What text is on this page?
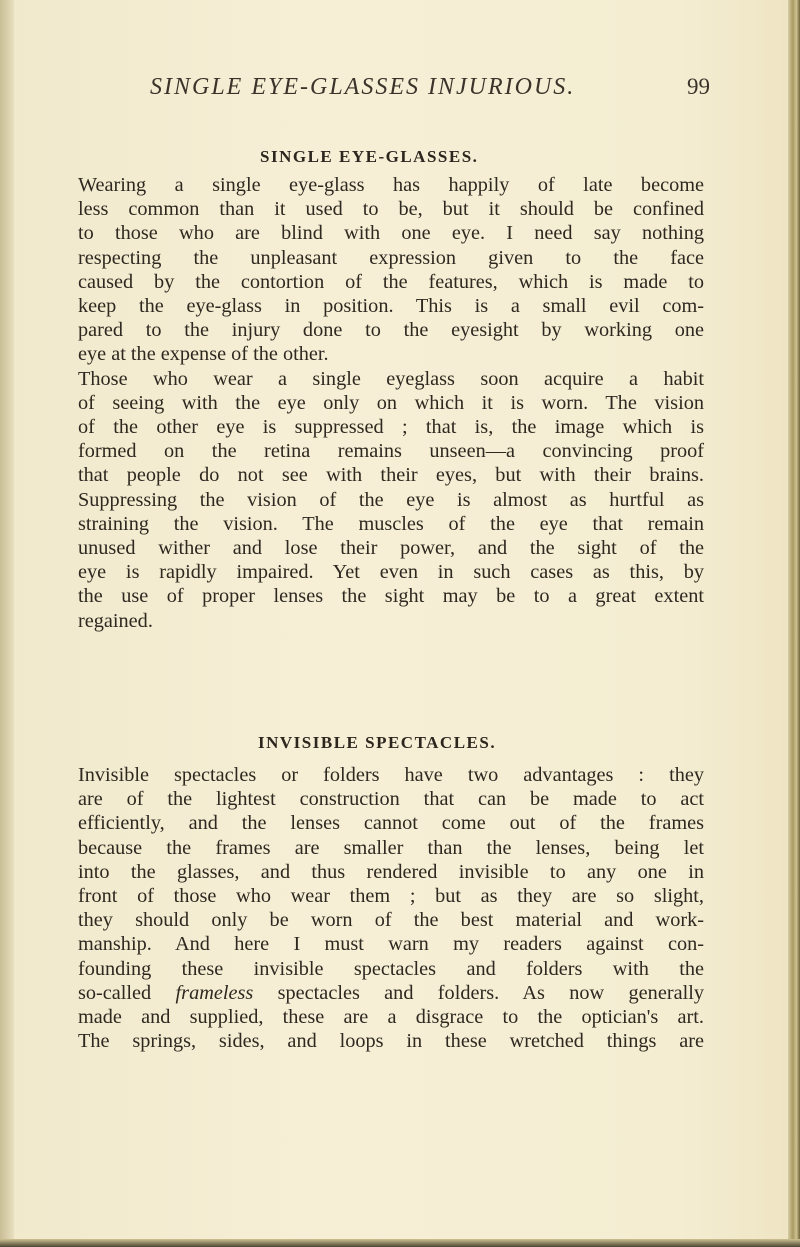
SINGLE EYE-GLASSES INJURIOUS.	99
SINGLE EYE-GLASSES.
Wearing a single eye-glass has happily of late become
less common than it used to be, but it should be confined
to those who are blind with one eye. I need say nothing
respecting the unpleasant expression given to the face
caused by the contortion of the features, which is made to
keep the eye-glass in position. This is a small evil com-
pared to the injury done to the eyesight by working one
eye at the expense of the other.
Those who wear a single eyeglass soon acquire a habit
of seeing with the eye only on which it is worn. The vision
of the other eye is suppressed ; that is, the image which is
formed on the retina remains unseen—a convincing proof
that people do not see with their eyes, but with their brains.
Suppressing the vision of the eye is almost as hurtful as
straining the vision. The muscles of the eye that remain
unused wither and lose their power, and the sight of the
eye is rapidly impaired. Yet even in such cases as this, by
the use of proper lenses the sight may be to a great extent
regained.
INVISIBLE SPECTACLES.
Invisible spectacles or folders have two advantages : they
are of the lightest construction that can be made to act
efficiently, and the lenses cannot come out of the frames
because the frames are smaller than the lenses, being let
into the glasses, and thus rendered invisible to any one in
front of those who wear them ; but as they are so slight,
they should only be worn of the best material and work-
manship. And here I must warn my readers against con-
founding these invisible spectacles and folders with the
so-called frameless spectacles and folders. As now generally
made and supplied, these are a disgrace to the optician's art.
The springs, sides, and loops in these wretched things are
